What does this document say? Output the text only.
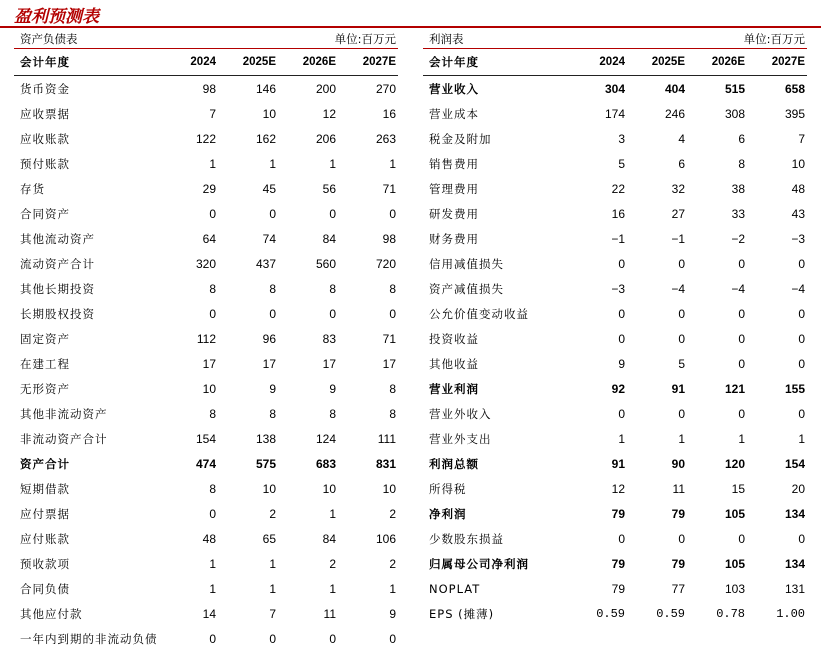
盈利预测表
资产负债表	单位:百万元
会计年度	2024 2025E 2026E 2027E
货币资金	98	146	200	270
应收票据	7	10	12	16
应收账款	122	162	206	263
预付账款	1	1	1	1
存货	29	45	56	71
合同资产	0	0	0	0
其他流动资产	64	74	84	98
流动资产合计	320	437	560	720
其他长期投资	8	8	8	8
长期股权投资	0	0	0	0
固定资产	112	96	83	71
在建工程	17	17	17	17
无形资产	10	9	9	8
其他非流动资产	8	8	8	8
非流动资产合计	154	138	124	111
资产合计	474	575	683	831
短期借款	8	10	10	10
应付票据	0	2	1	2
应付账款	48	65	84	106
预收款项	1	1	2	2
合同负债	1	1	1	1
其他应付款	14	7	11	9
一年内到期的非流动负债	0	0	0	0
利润表	单位:百万元
会计年度	2024 2025E 2026E 2027E
营业收入	304	404	515	658
营业成本	174	246	308	395
税金及附加	3	4	6	7
销售费用	5	6	8	10
管理费用	22	32	38	48
研发费用	16	27	33	43
财务费用	−1	−1	−2	−3
信用减值损失	0	0	0	0
资产减值损失	−3	−4	−4	−4
公允价值变动收益	0	0	0	0
投资收益	0	0	0	0
其他收益	9	5	0	0
营业利润	92	91	121	155
营业外收入	0	0	0	0
营业外支出	1	1	1	1
利润总额	91	90	120	154
所得税	12	11	15	20
净利润	79	79	105	134
少数股东损益	0	0	0	0
归属母公司净利润	79	79	105	134
NOPLAT	79	77	103	131
EPS (摊薄)	0.59	0.59	0.78	1.00
